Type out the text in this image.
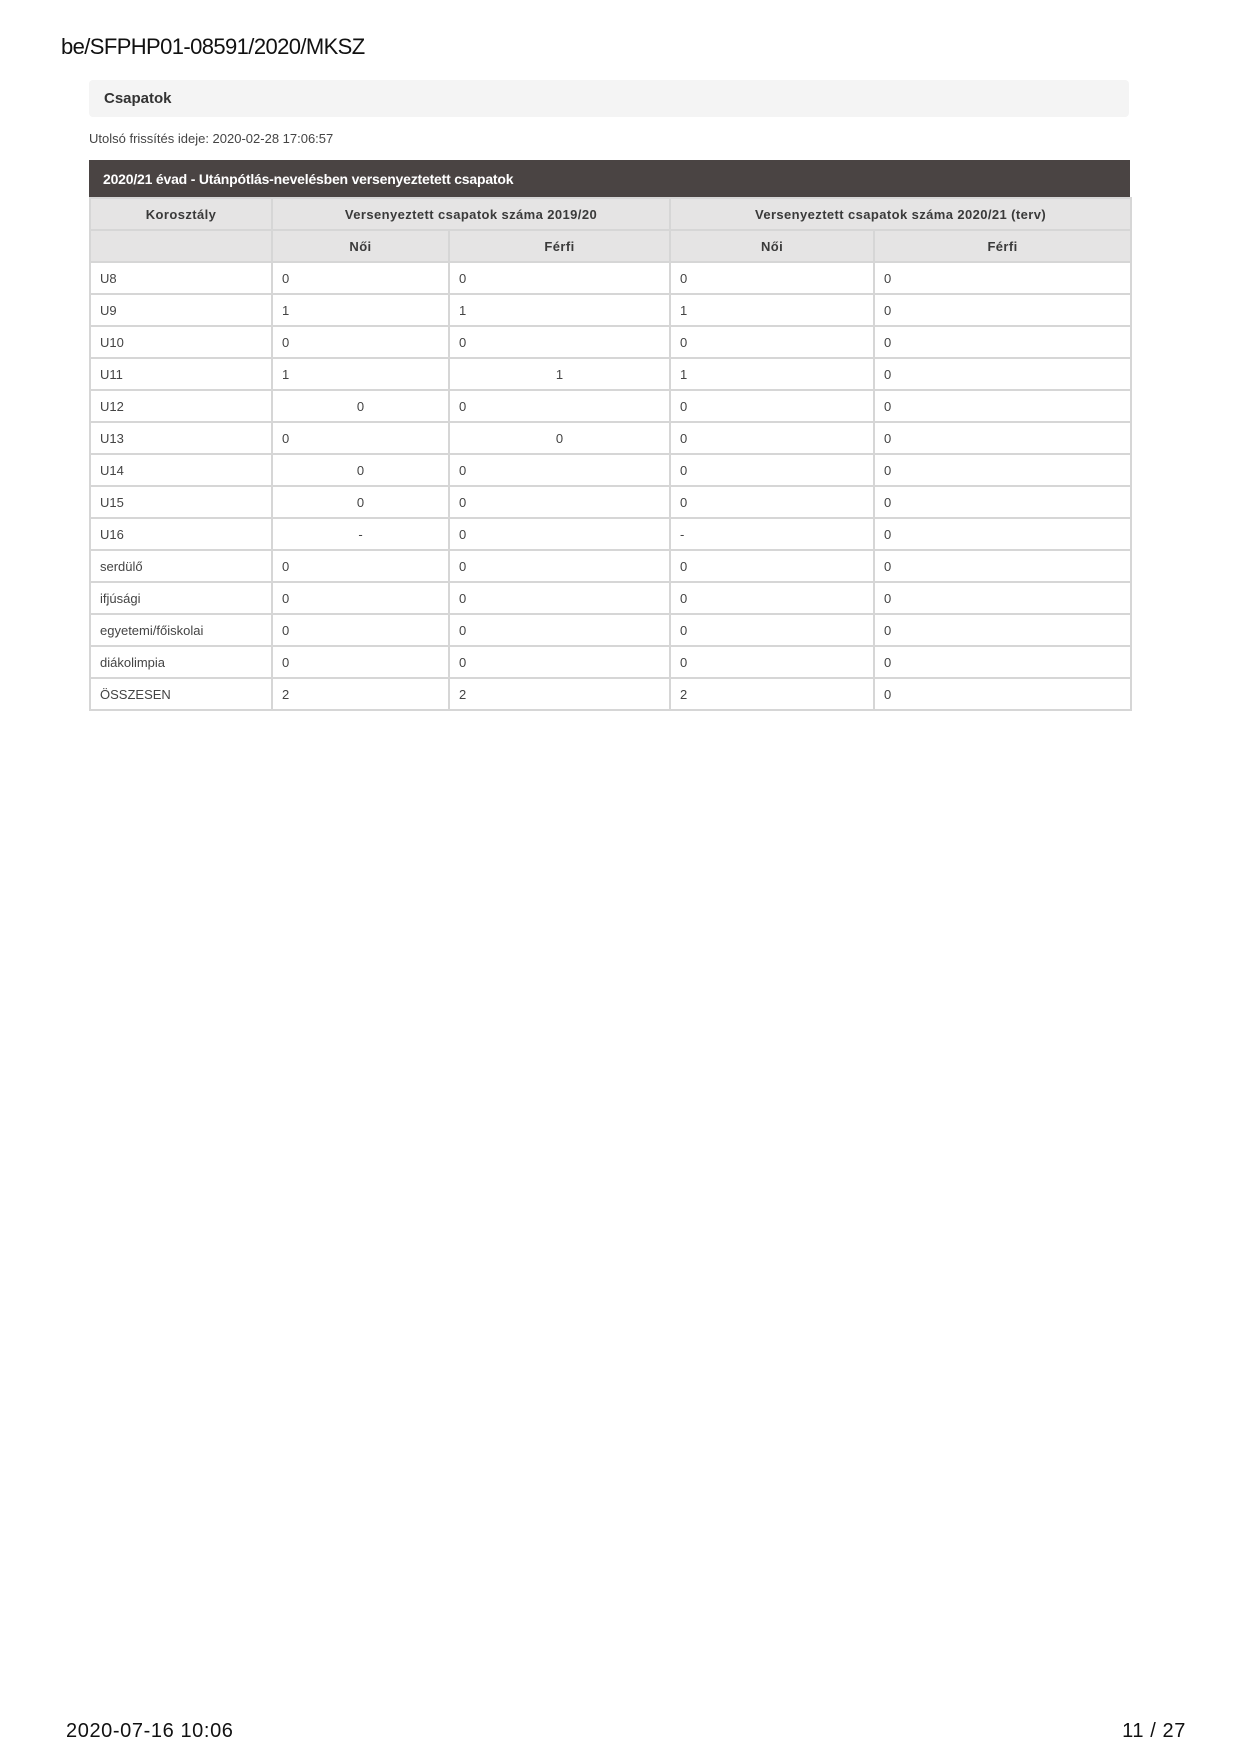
be/SFPHP01-08591/2020/MKSZ
Csapatok
Utolsó frissítés ideje: 2020-02-28 17:06:57
2020/21 évad - Utánpótlás-nevelésben versenyeztetett csapatok
Korosztály	Versenyeztett csapatok száma 2019/20		Versenyeztett csapatok száma 2020/21 (terv)	
	Női	Férfi	Női	Férfi
U8	0	0	0	0
U9	1	1	1	0
U10	0	0	0	0
U11	1	1	1	0
U12	0	0	0	0
U13	0	0	0	0
U14	0	0	0	0
U15	0	0	0	0
U16	-	0	-	0
serdülő	0	0	0	0
ifjúsági	0	0	0	0
egyetemi/főiskolai	0	0	0	0
diákolimpia	0	0	0	0
ÖSSZESEN	2	2	2	0
2020-07-16 10:06	11 / 27
